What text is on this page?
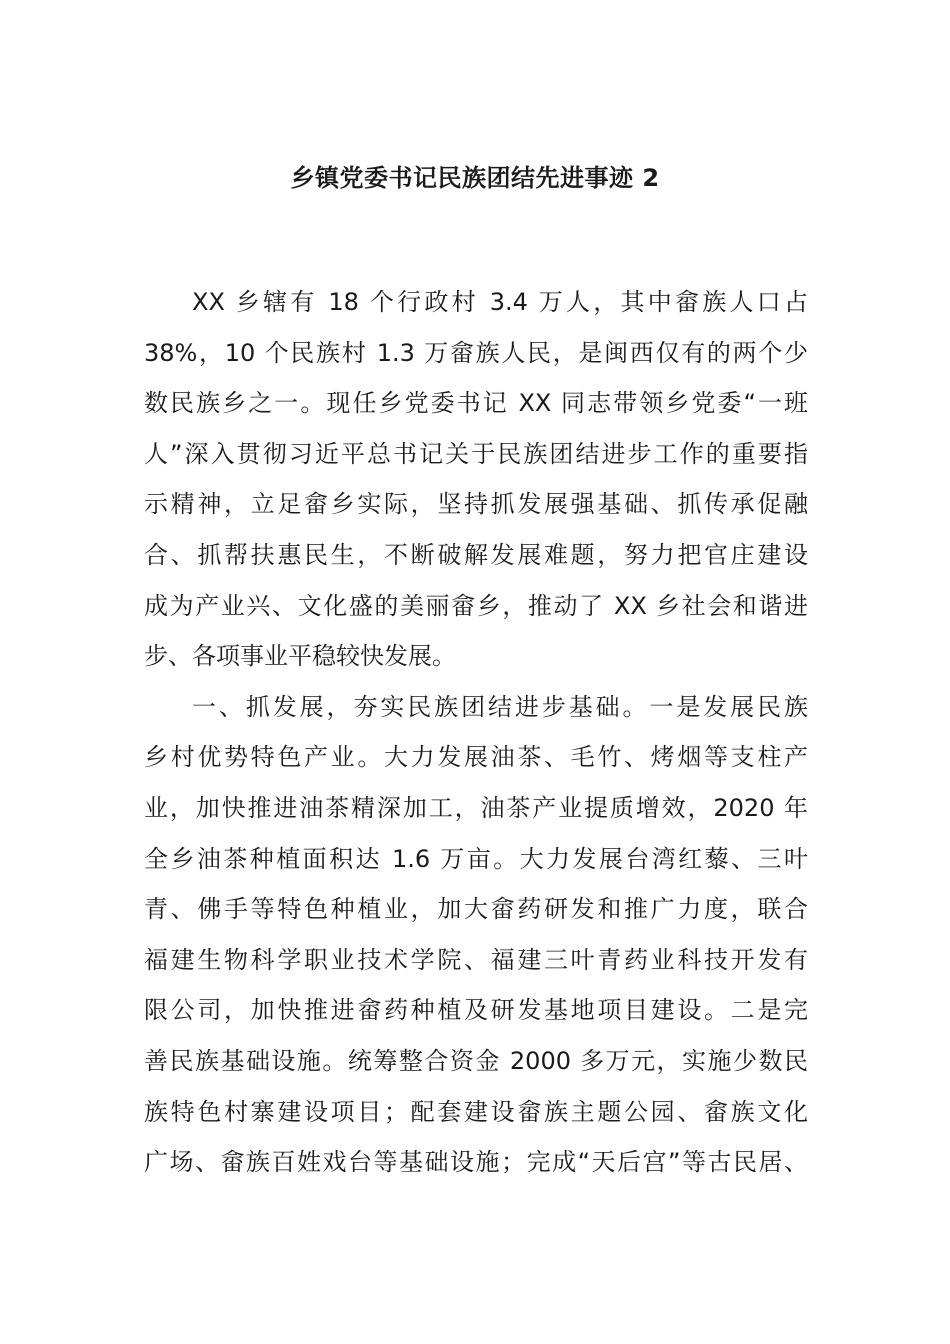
乡镇党委书记民族团结先进事迹 2
XX 乡辖有 18 个行政村 3.4 万人，其中畲族人口占
38%，10 个民族村 1.3 万畲族人民，是闽西仅有的两个少
数民族乡之一。现任乡党委书记 XX 同志带领乡党委“一班
人”深入贯彻习近平总书记关于民族团结进步工作的重要指
示精神，立足畲乡实际，坚持抓发展强基础、抓传承促融
合、抓帮扶惠民生，不断破解发展难题，努力把官庄建设
成为产业兴、文化盛的美丽畲乡，推动了 XX 乡社会和谐进
步、各项事业平稳较快发展。
一、抓发展，夯实民族团结进步基础。一是发展民族
乡村优势特色产业。大力发展油茶、毛竹、烤烟等支柱产
业，加快推进油茶精深加工，油茶产业提质增效，2020 年
全乡油茶种植面积达 1.6 万亩。大力发展台湾红藜、三叶
青、佛手等特色种植业，加大畲药研发和推广力度，联合
福建生物科学职业技术学院、福建三叶青药业科技开发有
限公司，加快推进畲药种植及研发基地项目建设。二是完
善民族基础设施。统筹整合资金 2000 多万元，实施少数民
族特色村寨建设项目；配套建设畲族主题公园、畲族文化
广场、畲族百姓戏台等基础设施；完成“天后宫”等古民居、
